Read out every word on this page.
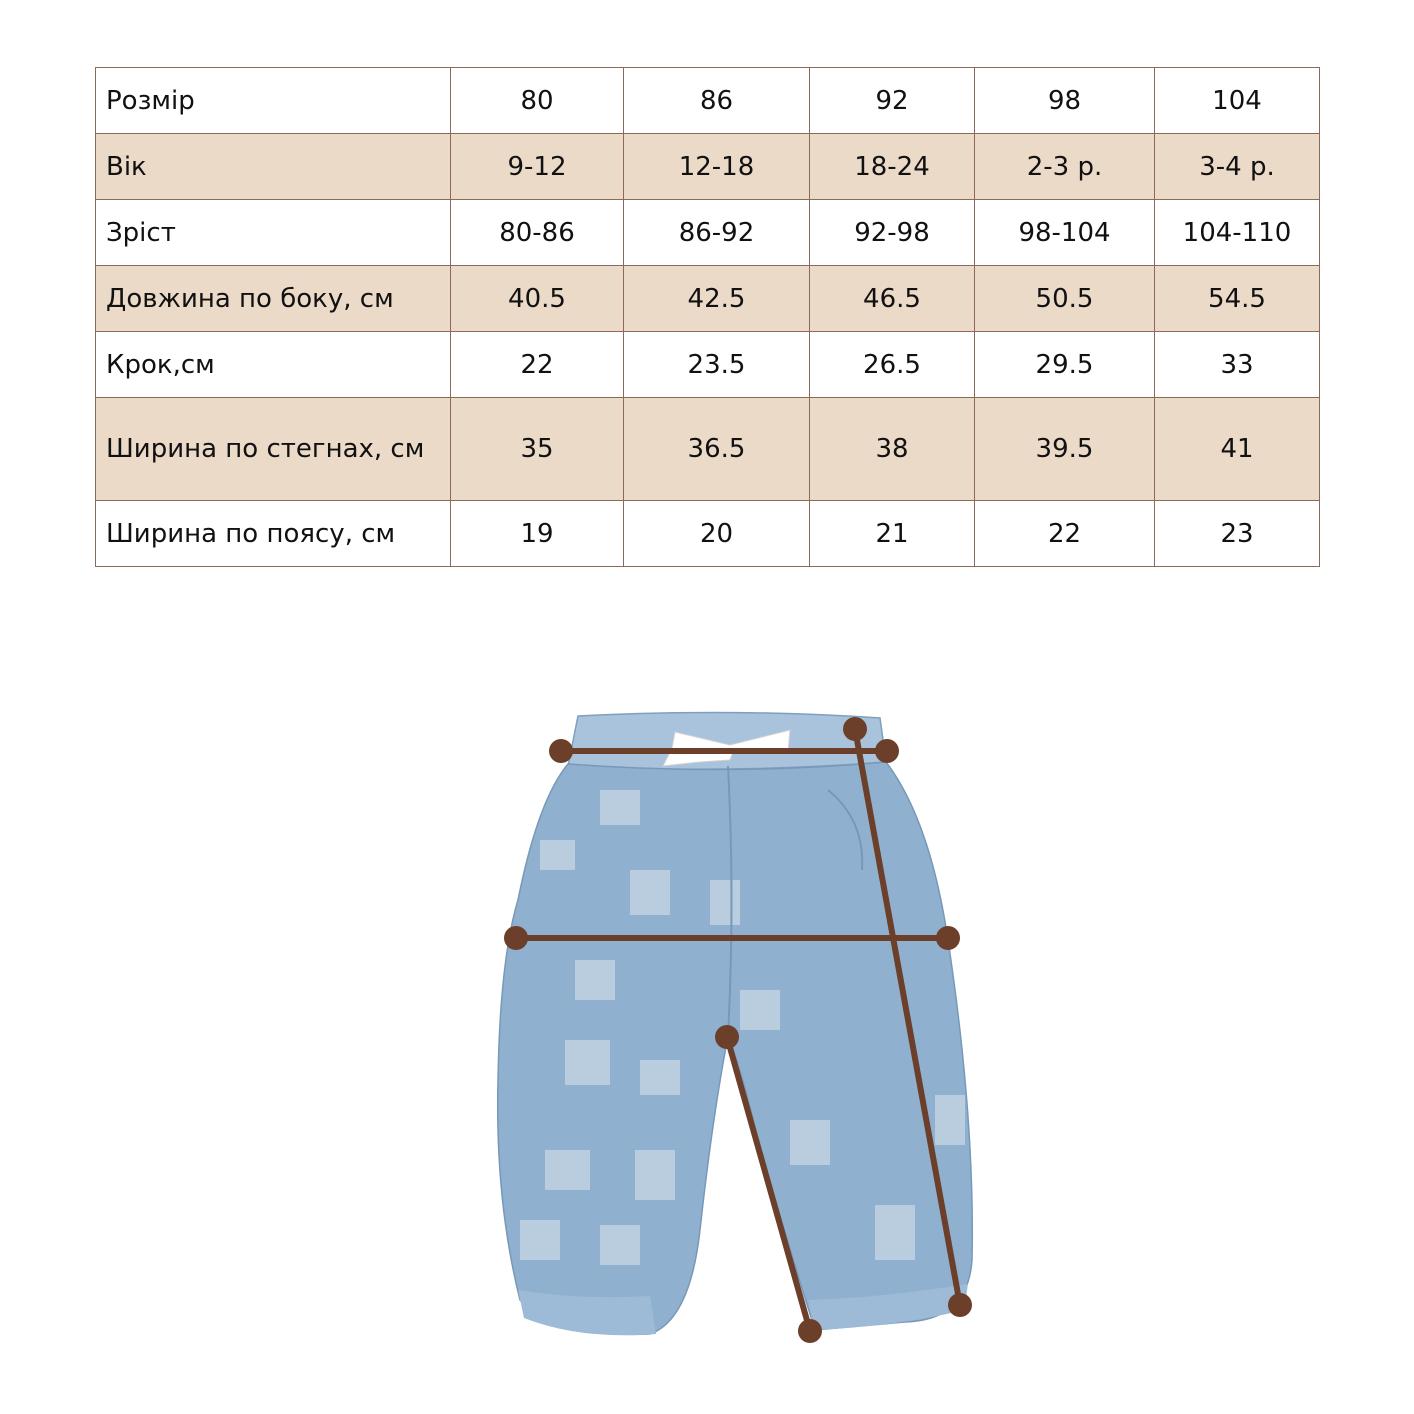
Розмір	80	86	92	98	104
Вік	9-12	12-18	18-24	2-3 р.	3-4 р.
Зріст	80-86	86-92	92-98	98-104	104-110
Довжина по боку, см	40.5	42.5	46.5	50.5	54.5
Крок,см	22	23.5	26.5	29.5	33
Ширина по стегнах, см	35	36.5	38	39.5	41
Ширина по поясу, см	19	20	21	22	23
